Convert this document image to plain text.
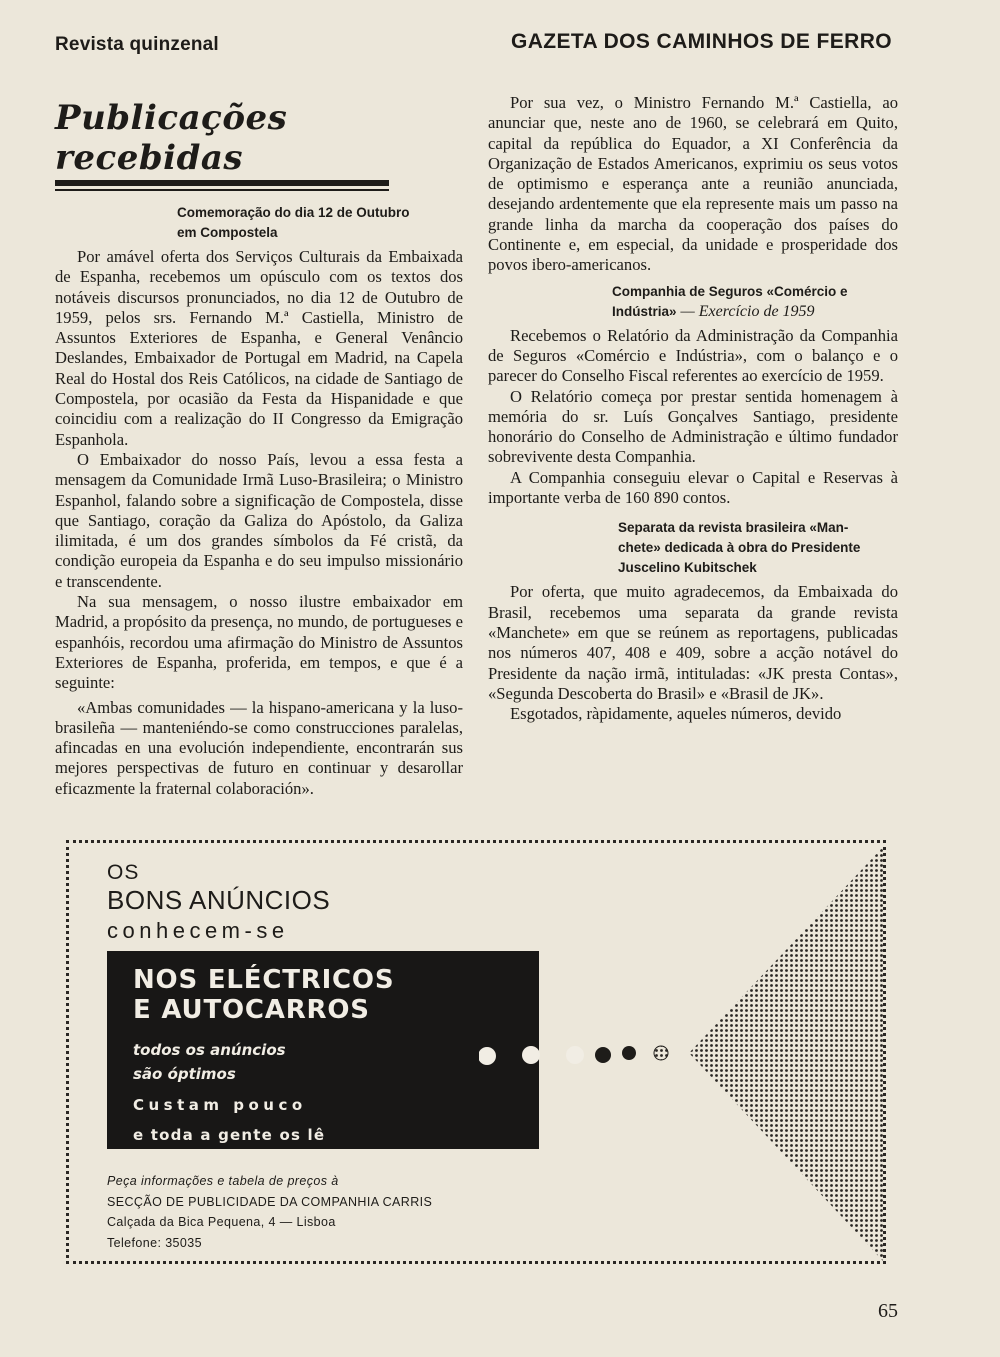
Revista quinzenal	GAZETA DOS CAMINHOS DE FERRO
Publicações recebidas
Comemoração do dia 12 de Outubro
em Compostela

Por amável oferta dos Serviços Culturais da Embaixada de Espanha, recebemos um opúsculo com os textos dos notáveis discursos pronunciados, no dia 12 de Outubro de 1959, pelos srs. Fernando M.ª Castiella, Ministro de Assuntos Exteriores de Espanha, e General Venâncio Deslandes, Embaixador de Portugal em Madrid, na Capela Real do Hostal dos Reis Católicos, na cidade de Santiago de Compostela, por ocasião da Festa da Hispanidade e que coincidiu com a realização do II Congresso da Emigração Espanhola.

O Embaixador do nosso País, levou a essa festa a mensagem da Comunidade Irmã Luso-Brasileira; o Ministro Espanhol, falando sobre a significação de Compostela, disse que Santiago, coração da Galiza do Apóstolo, da Galiza ilimitada, é um dos grandes símbolos da Fé cristã, da condição europeia da Espanha e do seu impulso missionário e transcendente.

Na sua mensagem, o nosso ilustre embaixador em Madrid, a propósito da presença, no mundo, de portugueses e espanhóis, recordou uma afirmação do Ministro de Assuntos Exteriores de Espanha, proferida, em tempos, e que é a seguinte:

«Ambas comunidades — la hispano-americana y la luso-brasileña — manteniéndo-se como construcciones paralelas, afincadas en una evolución independiente, encontrarán sus mejores perspectivas de futuro en continuar y desarollar eficazmente la fraternal colaboración».

Por sua vez, o Ministro Fernando M.ª Castiella, ao anunciar que, neste ano de 1960, se celebrará em Quito, capital da república do Equador, a XI Conferência da Organização de Estados Americanos, exprimiu os seus votos de optimismo e esperança ante a reunião anunciada, desejando ardentemente que ela represente mais um passo na grande linha da marcha da cooperação dos países do Continente e, em especial, da unidade e prosperidade dos povos ibero-americanos.

Companhia de Seguros «Comércio e
Indústria» — Exercício de 1959

Recebemos o Relatório da Administração da Companhia de Seguros «Comércio e Indústria», com o balanço e o parecer do Conselho Fiscal referentes ao exercício de 1959.

O Relatório começa por prestar sentida homenagem à memória do sr. Luís Gonçalves Santiago, presidente honorário do Conselho de Administração e último fundador sobrevivente desta Companhia.

A Companhia conseguiu elevar o Capital e Reservas à importante verba de 160 890 contos.

Separata da revista brasileira «Man-
chete» dedicada à obra do Presidente
Juscelino Kubitschek

Por oferta, que muito agradecemos, da Embaixada do Brasil, recebemos uma separata da grande revista «Manchete» em que se reúnem as reportagens, publicadas nos números 407, 408 e 409, sobre a acção notável do Presidente da nação irmã, intituladas: «JK presta Contas», «Segunda Descoberta do Brasil» e «Brasil de JK».

Esgotados, ràpidamente, aqueles números, devido

OS
BONS ANÚNCIOS
conhecem-se
NOS ELÉCTRICOS
E AUTOCARROS
todos os anúncios
são óptimos
Custam pouco
e toda a gente os lê
Peça informações e tabela de preços à
SECÇÃO DE PUBLICIDADE DA COMPANHIA CARRIS
Calçada da Bica Pequena, 4 — Lisboa
Telefone: 35035
65
